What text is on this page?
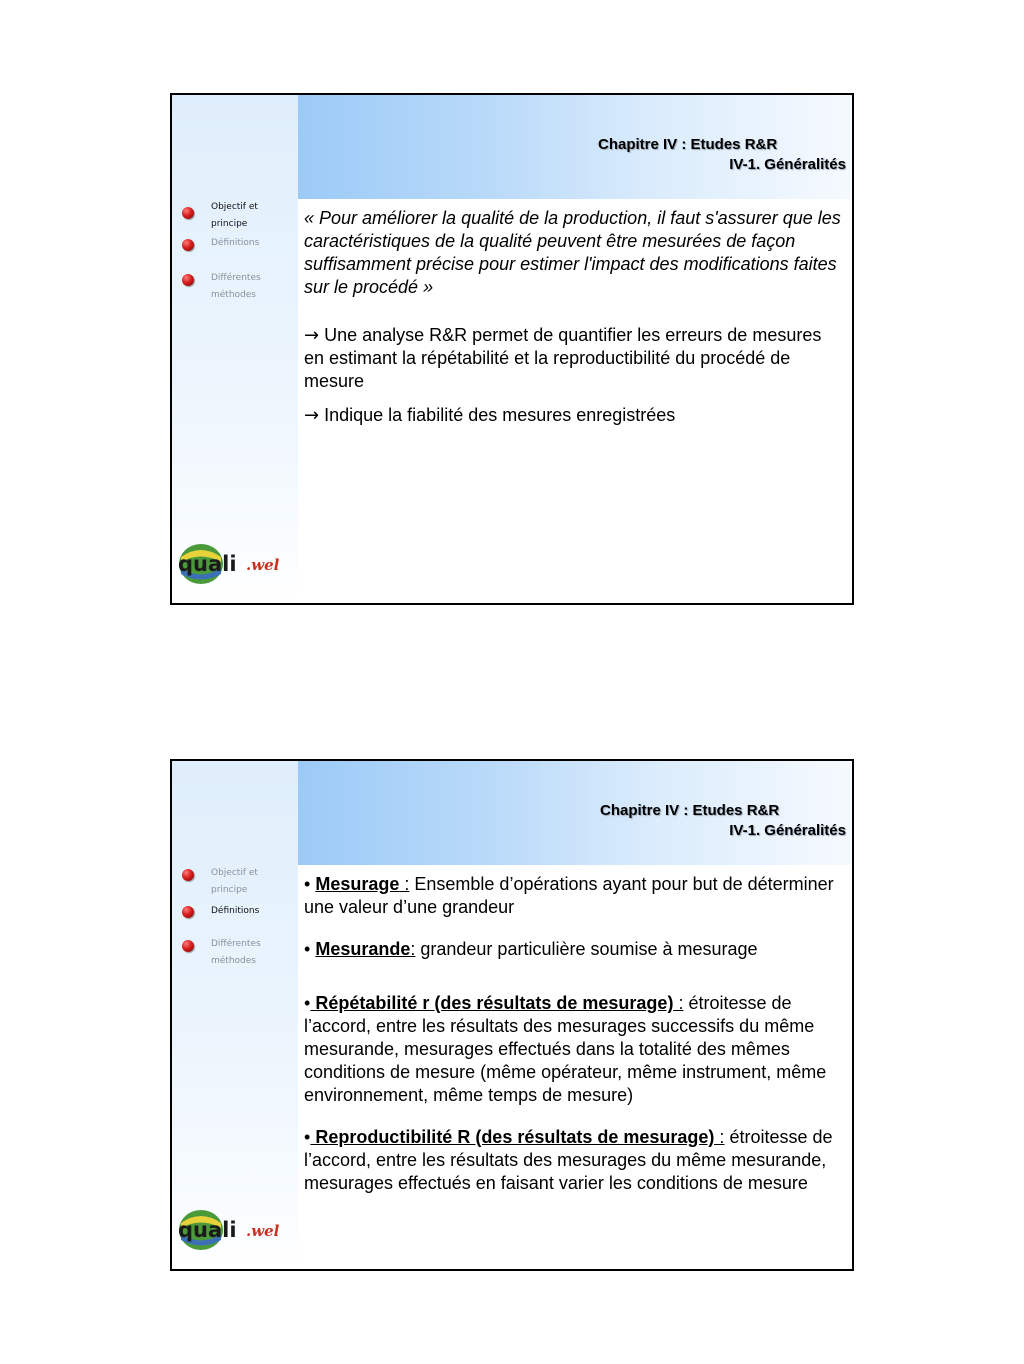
Chapitre IV : Etudes R&R
IV-1. Généralités
Objectif et principe
Définitions
Différentes méthodes
quali .wel

« Pour améliorer la qualité de la production, il faut s'assurer que les caractéristiques de la qualité peuvent être mesurées de façon suffisamment précise pour estimer l'impact des modifications faites sur le procédé »

→ Une analyse R&R permet de quantifier les erreurs de mesures en estimant la répétabilité et la reproductibilité du procédé de mesure

→ Indique la fiabilité des mesures enregistrées

Chapitre IV : Etudes R&R
IV-1. Généralités
Objectif et principe
Définitions
Différentes méthodes
quali .wel

• Mesurage : Ensemble d’opérations ayant pour but de déterminer une valeur d’une grandeur

• Mesurande: grandeur particulière soumise à mesurage

• Répétabilité r (des résultats de mesurage) : étroitesse de l’accord, entre les résultats des mesurages successifs du même mesurande, mesurages effectués dans la totalité des mêmes conditions de mesure (même opérateur, même instrument, même environnement, même temps de mesure)

• Reproductibilité R (des résultats de mesurage) : étroitesse de l’accord, entre les résultats des mesurages du même mesurande, mesurages effectués en faisant varier les conditions de mesure
